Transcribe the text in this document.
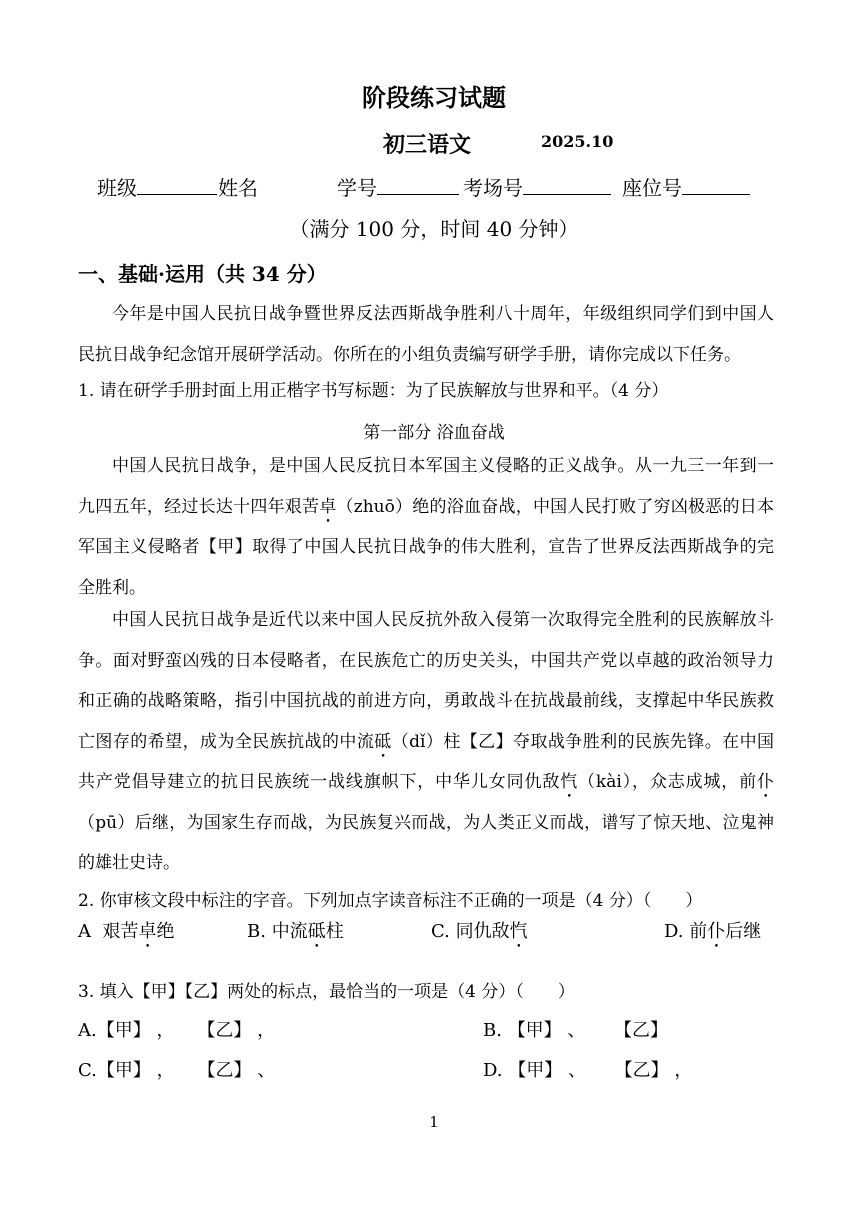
阶段练习试题
初三语文	2025.10
班级	姓名	学号	考场号	座位号
（满分 100 分，时间 40 分钟）
一、基础·运用（共 34 分）
今年是中国人民抗日战争暨世界反法西斯战争胜利八十周年，年级组织同学们到中国人民抗日战争纪念馆开展研学活动。你所在的小组负责编写研学手册，请你完成以下任务。
1. 请在研学手册封面上用正楷字书写标题：为了民族解放与世界和平。（4 分）
第一部分 浴血奋战
中国人民抗日战争，是中国人民反抗日本军国主义侵略的正义战争。从一九三一年到一九四五年，经过长达十四年艰苦卓（zhuō）绝的浴血奋战，中国人民打败了穷凶极恶的日本军国主义侵略者【甲】取得了中国人民抗日战争的伟大胜利，宣告了世界反法西斯战争的完全胜利。
中国人民抗日战争是近代以来中国人民反抗外敌入侵第一次取得完全胜利的民族解放斗争。面对野蛮凶残的日本侵略者，在民族危亡的历史关头，中国共产党以卓越的政治领导力和正确的战略策略，指引中国抗战的前进方向，勇敢战斗在抗战最前线，支撑起中华民族救亡图存的希望，成为全民族抗战的中流砥（dǐ）柱【乙】夺取战争胜利的民族先锋。在中国共产党倡导建立的抗日民族统一战线旗帜下，中华儿女同仇敌忾（kài），众志成城，前仆（pū）后继，为国家生存而战，为民族复兴而战，为人类正义而战，谱写了惊天地、泣鬼神的雄壮史诗。
2. 你审核文段中标注的字音。下列加点字读音标注不正确的一项是（4 分）（　　）
A 艰苦卓绝	B. 中流砥柱	C. 同仇敌忾	D. 前仆后继
3. 填入【甲】【乙】两处的标点，最恰当的一项是（4 分）（　　）
A.【甲】 ， 【乙】 ，	B. 【甲】 、 【乙】
C.【甲】 ， 【乙】 、	D. 【甲】 、 【乙】 ，
1
